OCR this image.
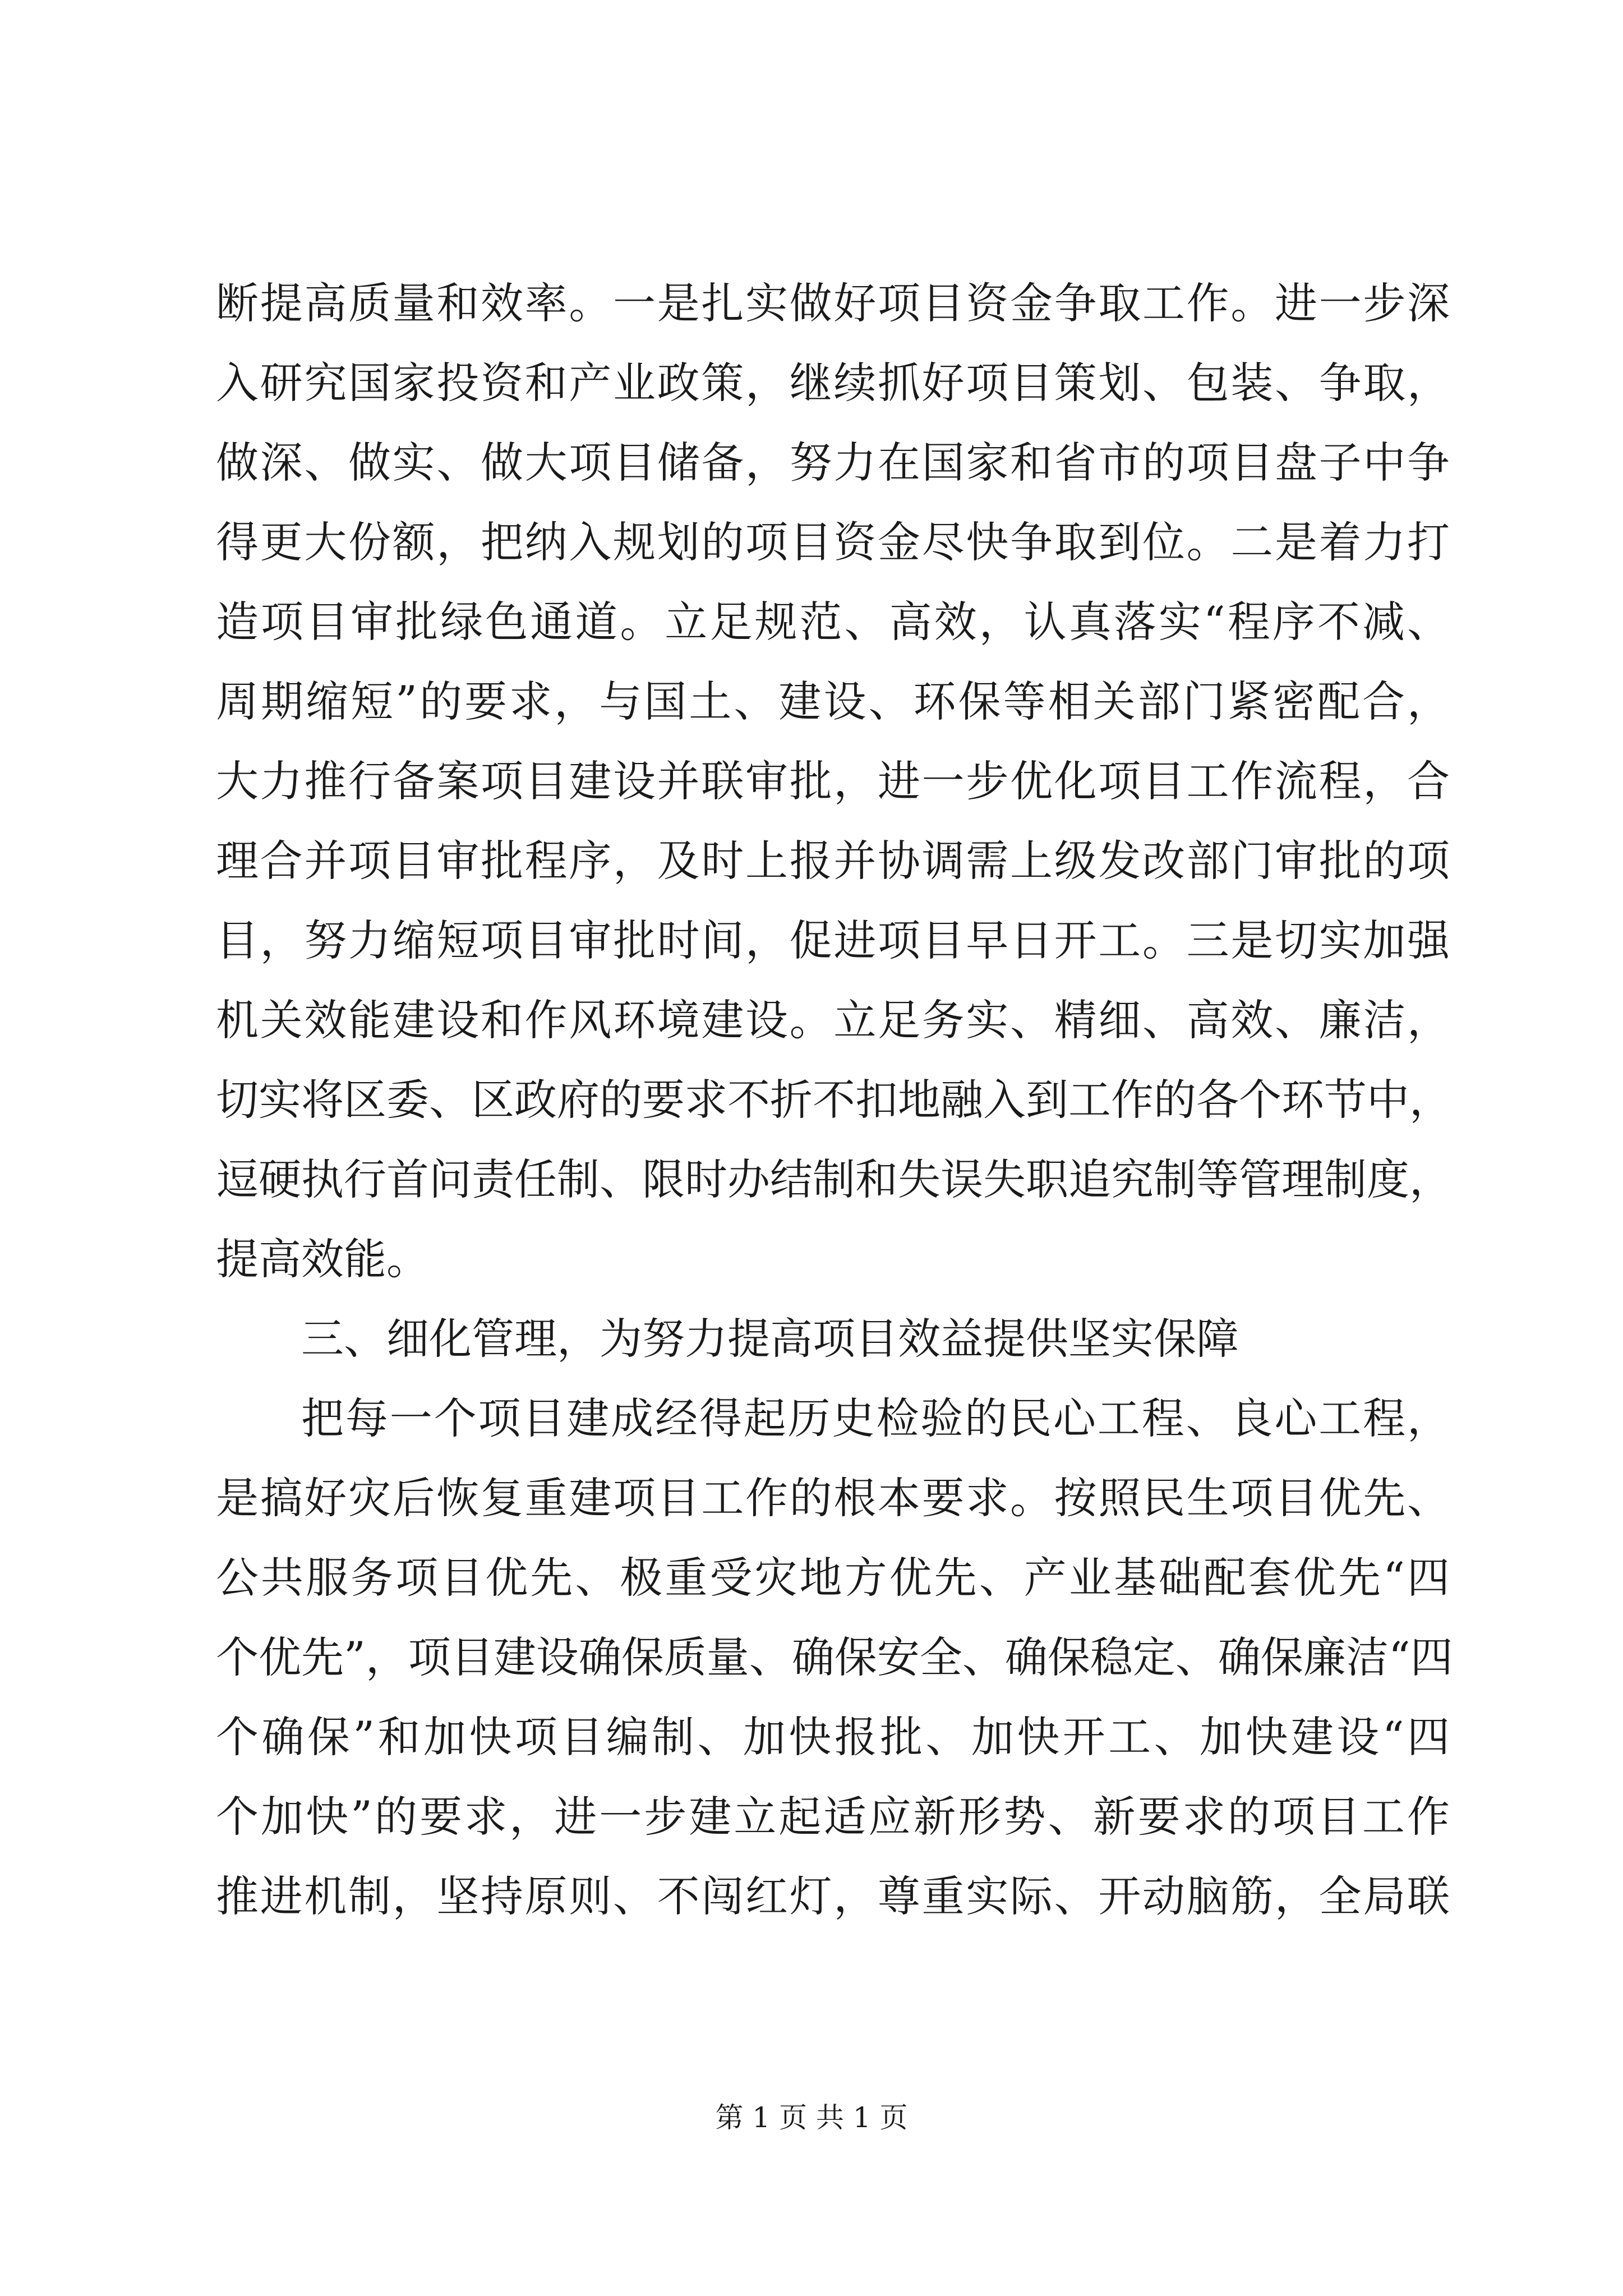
断提高质量和效率。一是扎实做好项目资金争取工作。进一步深
入研究国家投资和产业政策，继续抓好项目策划、包装、争取，
做深、做实、做大项目储备，努力在国家和省市的项目盘子中争
得更大份额，把纳入规划的项目资金尽快争取到位。二是着力打
造项目审批绿色通道。立足规范、高效，认真落实“程序不减、
周期缩短”的要求，与国土、建设、环保等相关部门紧密配合，
大力推行备案项目建设并联审批，进一步优化项目工作流程，合
理合并项目审批程序，及时上报并协调需上级发改部门审批的项
目，努力缩短项目审批时间，促进项目早日开工。三是切实加强
机关效能建设和作风环境建设。立足务实、精细、高效、廉洁，
切实将区委、区政府的要求不折不扣地融入到工作的各个环节中，
逗硬执行首问责任制、限时办结制和失误失职追究制等管理制度，
提高效能。
三、细化管理，为努力提高项目效益提供坚实保障
把每一个项目建成经得起历史检验的民心工程、良心工程，
是搞好灾后恢复重建项目工作的根本要求。按照民生项目优先、
公共服务项目优先、极重受灾地方优先、产业基础配套优先“四
个优先”，项目建设确保质量、确保安全、确保稳定、确保廉洁“四
个确保”和加快项目编制、加快报批、加快开工、加快建设“四
个加快”的要求，进一步建立起适应新形势、新要求的项目工作
推进机制，坚持原则、不闯红灯，尊重实际、开动脑筋，全局联
第 1 页 共 1 页
